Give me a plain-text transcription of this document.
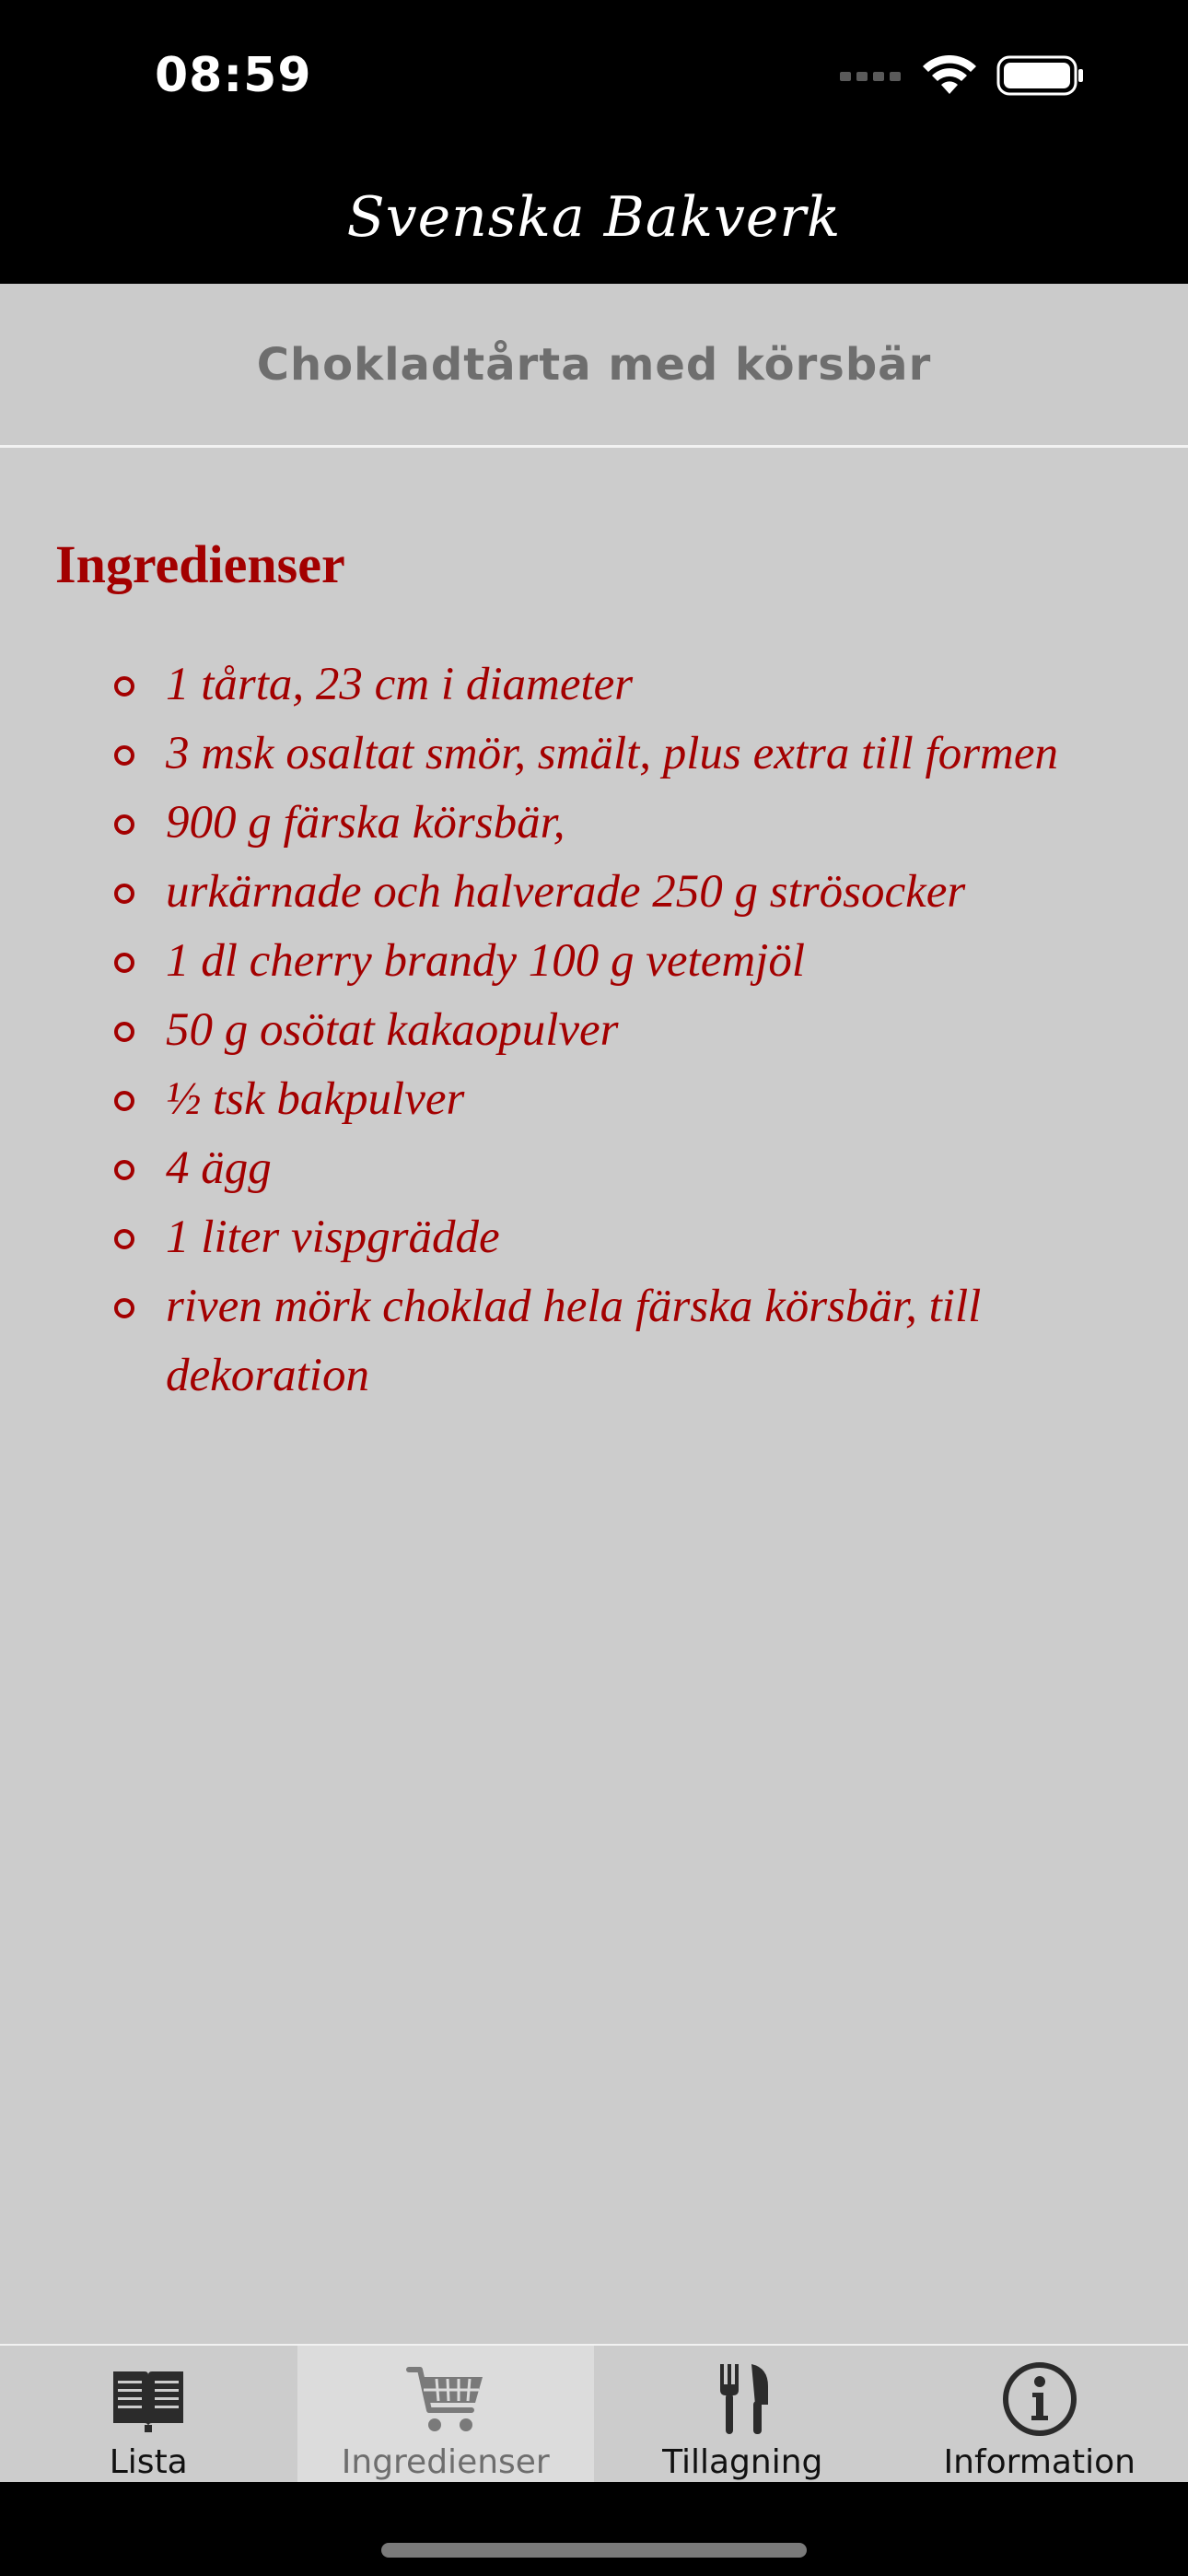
08:59
Svenska Bakverk
Chokladtårta med körsbär
Ingredienser
1 tårta, 23 cm i diameter
3 msk osaltat smör, smält, plus extra till formen
900 g färska körsbär,
urkärnade och halverade 250 g strösocker
1 dl cherry brandy 100 g vetemjöl
50 g osötat kakaopulver
½ tsk bakpulver
4 ägg
1 liter vispgrädde
riven mörk choklad hela färska körsbär, till dekoration
Lista	Ingredienser	Tillagning	Information
